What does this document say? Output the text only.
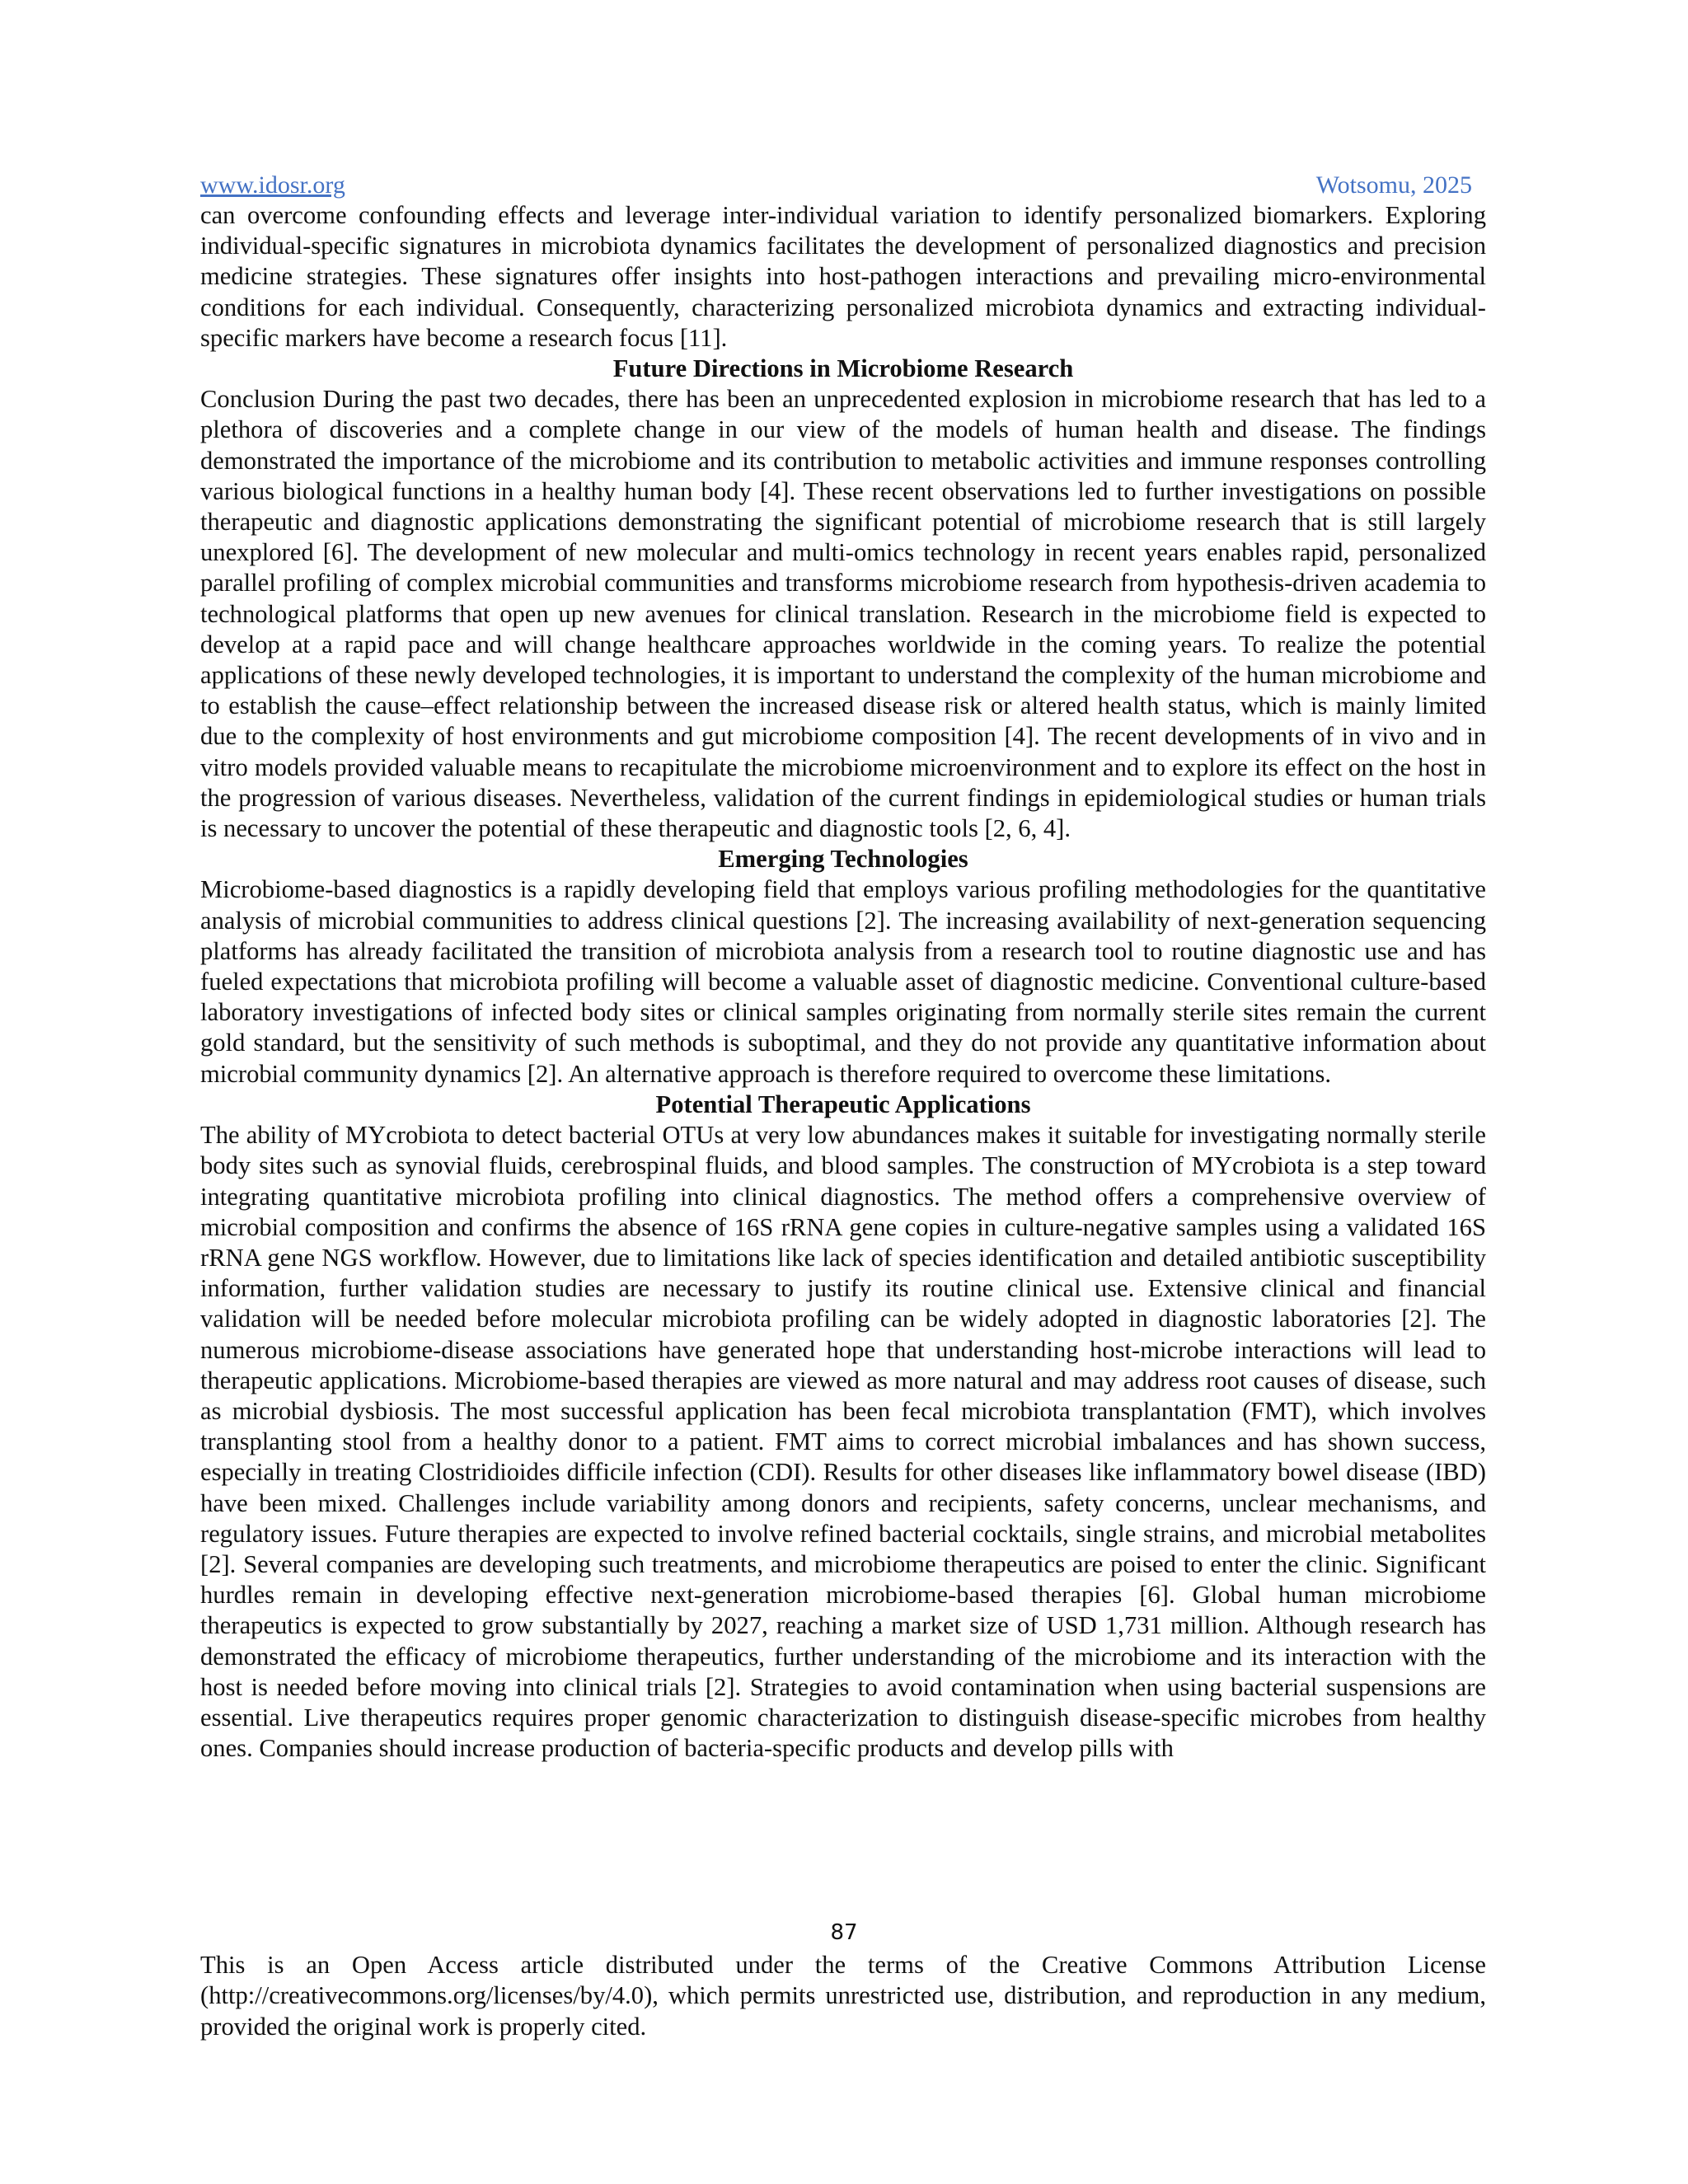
www.idosr.org	Wotsomu, 2025

can overcome confounding effects and leverage inter-individual variation to identify personalized biomarkers. Exploring individual-specific signatures in microbiota dynamics facilitates the development of personalized diagnostics and precision medicine strategies. These signatures offer insights into host-pathogen interactions and prevailing micro-environmental conditions for each individual. Consequently, characterizing personalized microbiota dynamics and extracting individual-specific markers have become a research focus [11].

Future Directions in Microbiome Research

Conclusion During the past two decades, there has been an unprecedented explosion in microbiome research that has led to a plethora of discoveries and a complete change in our view of the models of human health and disease. The findings demonstrated the importance of the microbiome and its contribution to metabolic activities and immune responses controlling various biological functions in a healthy human body [4]. These recent observations led to further investigations on possible therapeutic and diagnostic applications demonstrating the significant potential of microbiome research that is still largely unexplored [6]. The development of new molecular and multi-omics technology in recent years enables rapid, personalized parallel profiling of complex microbial communities and transforms microbiome research from hypothesis-driven academia to technological platforms that open up new avenues for clinical translation. Research in the microbiome field is expected to develop at a rapid pace and will change healthcare approaches worldwide in the coming years. To realize the potential applications of these newly developed technologies, it is important to understand the complexity of the human microbiome and to establish the cause–effect relationship between the increased disease risk or altered health status, which is mainly limited due to the complexity of host environments and gut microbiome composition [4]. The recent developments of in vivo and in vitro models provided valuable means to recapitulate the microbiome microenvironment and to explore its effect on the host in the progression of various diseases. Nevertheless, validation of the current findings in epidemiological studies or human trials is necessary to uncover the potential of these therapeutic and diagnostic tools [2, 6, 4].

Emerging Technologies

Microbiome-based diagnostics is a rapidly developing field that employs various profiling methodologies for the quantitative analysis of microbial communities to address clinical questions [2]. The increasing availability of next-generation sequencing platforms has already facilitated the transition of microbiota analysis from a research tool to routine diagnostic use and has fueled expectations that microbiota profiling will become a valuable asset of diagnostic medicine. Conventional culture-based laboratory investigations of infected body sites or clinical samples originating from normally sterile sites remain the current gold standard, but the sensitivity of such methods is suboptimal, and they do not provide any quantitative information about microbial community dynamics [2]. An alternative approach is therefore required to overcome these limitations.

Potential Therapeutic Applications

The ability of MYcrobiota to detect bacterial OTUs at very low abundances makes it suitable for investigating normally sterile body sites such as synovial fluids, cerebrospinal fluids, and blood samples. The construction of MYcrobiota is a step toward integrating quantitative microbiota profiling into clinical diagnostics. The method offers a comprehensive overview of microbial composition and confirms the absence of 16S rRNA gene copies in culture-negative samples using a validated 16S rRNA gene NGS workflow. However, due to limitations like lack of species identification and detailed antibiotic susceptibility information, further validation studies are necessary to justify its routine clinical use. Extensive clinical and financial validation will be needed before molecular microbiota profiling can be widely adopted in diagnostic laboratories [2]. The numerous microbiome-disease associations have generated hope that understanding host-microbe interactions will lead to therapeutic applications. Microbiome-based therapies are viewed as more natural and may address root causes of disease, such as microbial dysbiosis. The most successful application has been fecal microbiota transplantation (FMT), which involves transplanting stool from a healthy donor to a patient. FMT aims to correct microbial imbalances and has shown success, especially in treating Clostridioides difficile infection (CDI). Results for other diseases like inflammatory bowel disease (IBD) have been mixed. Challenges include variability among donors and recipients, safety concerns, unclear mechanisms, and regulatory issues. Future therapies are expected to involve refined bacterial cocktails, single strains, and microbial metabolites [2]. Several companies are developing such treatments, and microbiome therapeutics are poised to enter the clinic. Significant hurdles remain in developing effective next-generation microbiome-based therapies [6]. Global human microbiome therapeutics is expected to grow substantially by 2027, reaching a market size of USD 1,731 million. Although research has demonstrated the efficacy of microbiome therapeutics, further understanding of the microbiome and its interaction with the host is needed before moving into clinical trials [2]. Strategies to avoid contamination when using bacterial suspensions are essential. Live therapeutics requires proper genomic characterization to distinguish disease-specific microbes from healthy ones. Companies should increase production of bacteria-specific products and develop pills with

87

This is an Open Access article distributed under the terms of the Creative Commons Attribution License (http://creativecommons.org/licenses/by/4.0), which permits unrestricted use, distribution, and reproduction in any medium, provided the original work is properly cited.
